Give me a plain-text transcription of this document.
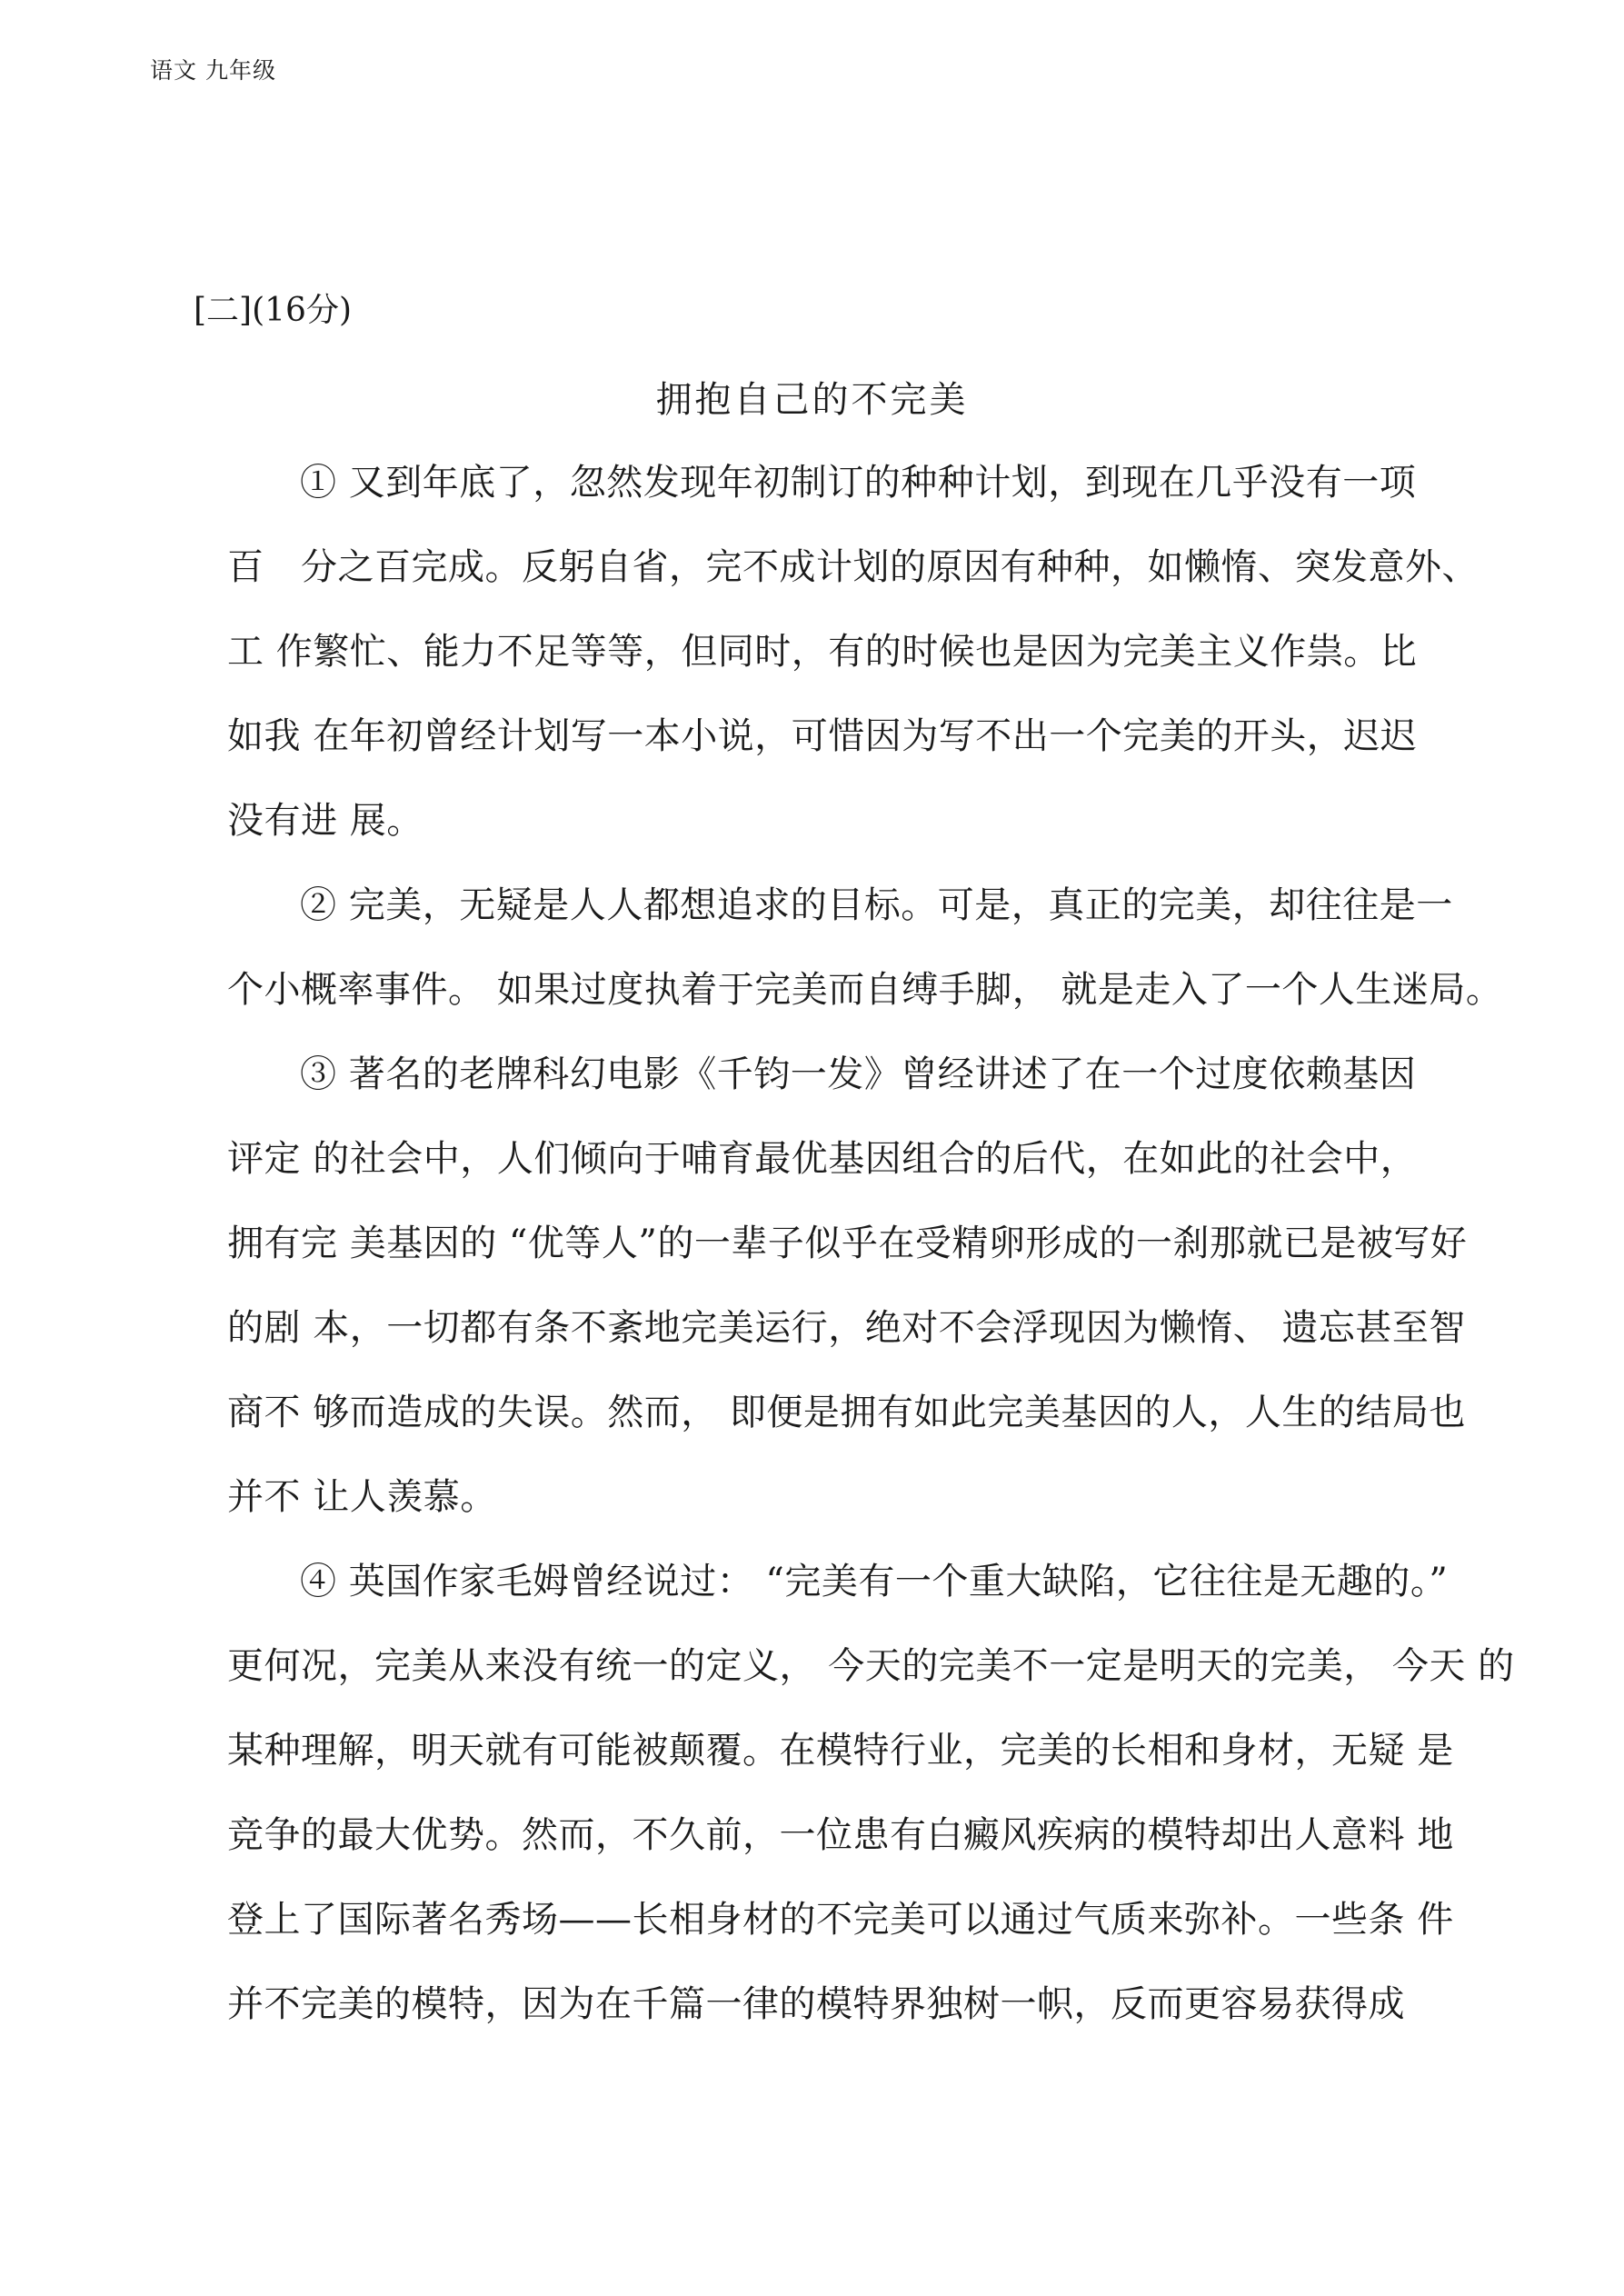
语文 九年级
[二](16分)
拥抱自己的不完美
① 又到年底了，忽然发现年初制订的种种计划，到现在几乎没有一项
百　分之百完成。反躬自省，完不成计划的原因有种种，如懒惰、突发意外、
工 作繁忙、能力不足等等，但同时，有的时候也是因为完美主义作祟。比
如我 在年初曾经计划写一本小说，可惜因为写不出一个完美的开头，迟迟
没有进 展。
② 完美，无疑是人人都想追求的目标。可是，真正的完美，却往往是一
个小概率事件。 如果过度执着于完美而自缚手脚， 就是走入了一个人生迷局。
③ 著名的老牌科幻电影《千钧一发》曾经讲述了在一个过度依赖基因
评定 的社会中，人们倾向于哺育最优基因组合的后代，在如此的社会中，
拥有完 美基因的 “优等人”的一辈子似乎在受精卵形成的一刹那就已是被写好
的剧 本，一切都有条不紊地完美运行，绝对不会浮现因为懒惰、 遗忘甚至智
商不 够而造成的失误。然而， 即便是拥有如此完美基因的人，人生的结局也
并不 让人羡慕。
④ 英国作家毛姆曾经说过： “完美有一个重大缺陷，它往往是无趣的。”
更何况，完美从来没有统一的定义， 今天的完美不一定是明天的完美， 今天 的
某种理解，明天就有可能被颠覆。在模特行业，完美的长相和身材，无疑 是
竞争的最大优势。然而，不久前，一位患有白癜风疾病的模特却出人意料 地
登上了国际著名秀场——长相身材的不完美可以通过气质来弥补。一些条 件
并不完美的模特，因为在千篇一律的模特界独树一帜，反而更容易获得成
